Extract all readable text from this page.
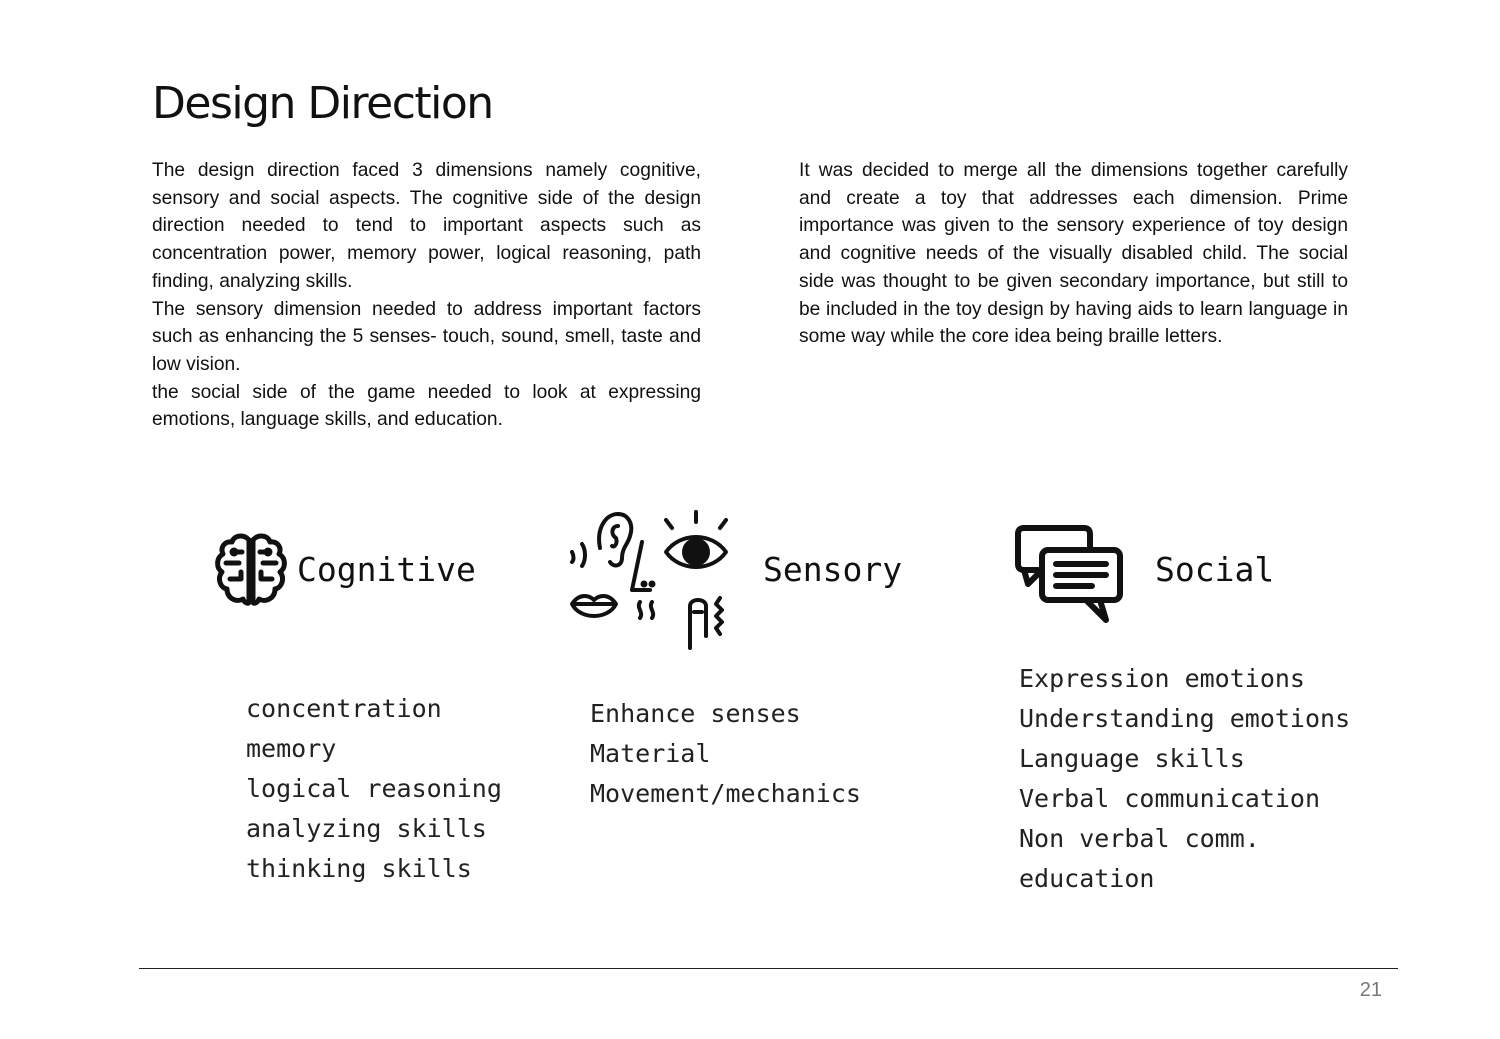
Design Direction

The design direction faced 3 dimensions namely cognitive, sensory and social aspects. The cognitive side of the design direction needed to tend to important aspects such as concentration power, memory power, logical reasoning, path finding, analyzing skills.

The sensory dimension needed to address important factors such as enhancing the 5 senses- touch, sound, smell, taste and low vision.

the social side of the game needed to look at expressing emotions, language skills, and education.

It was decided to merge all the dimensions together carefully and create a toy that addresses each dimension. Prime importance was given to the sensory experience of toy design and cognitive needs of the visually disabled child. The social side was thought to be given secondary importance, but still to be included in the toy design by having aids to learn language in some way while the core idea being braille letters.

Cognitive
concentration
memory
logical reasoning
analyzing skills
thinking skills
Sensory
Enhance senses
Material
Movement/mechanics
Social
Expression emotions
Understanding emotions
Language skills
Verbal communication
Non verbal comm.
education
21
